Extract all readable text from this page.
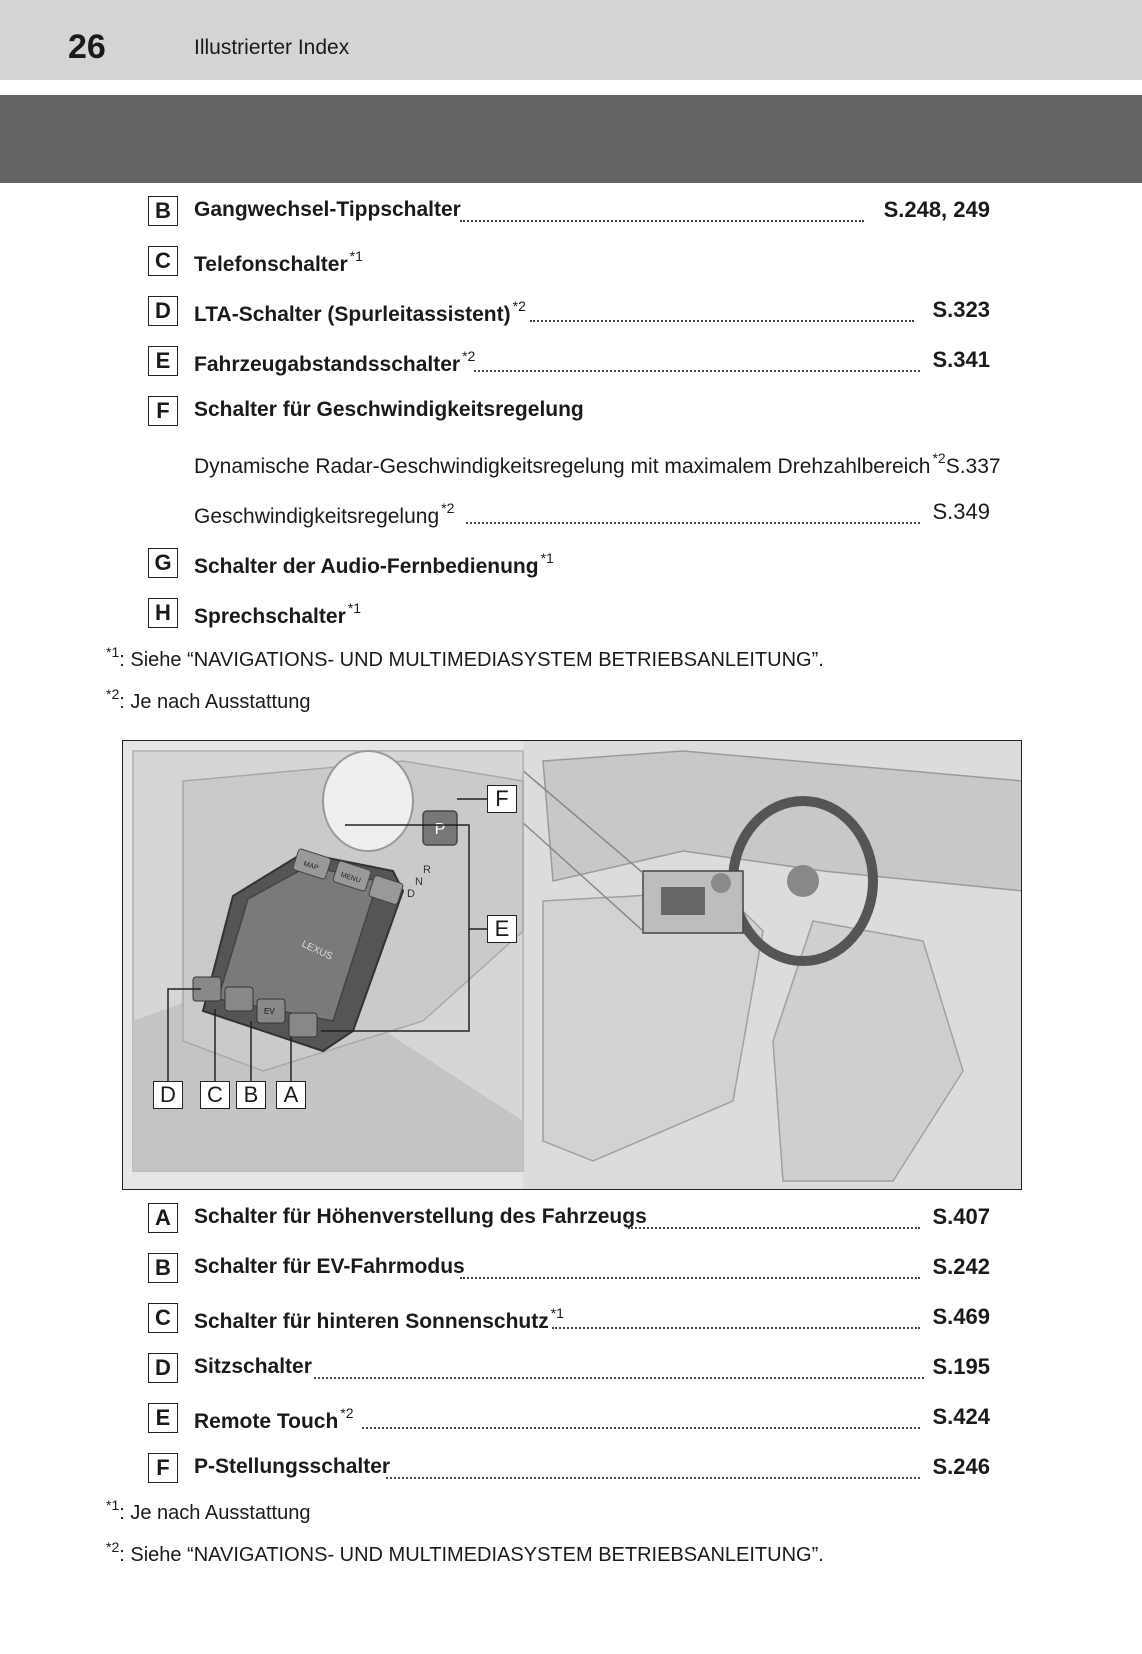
26	Illustrierter Index
B	Gangwechsel-Tippschalter	S.248, 249
C	Telefonschalter $^{*1}$
D	LTA-Schalter (Spurleitassistent) $^{*2}$	S.323
E	Fahrzeugabstandsschalter $^{*2}$	S.341
F	Schalter für Geschwindigkeitsregelung
Dynamische Radar-Geschwindigkeitsregelung mit maximalem Drehzahlbereich $^{*2}$S.337
Geschwindigkeitsregelung $^{*2}$	S.349
G	Schalter der Audio-Fernbedienung $^{*1}$
H	Sprechschalter $^{*1}$
$^{*1}$: Siehe “NAVIGATIONS- UND MULTIMEDIASYSTEM BETRIEBSANLEITUNG”.
$^{*2}$: Je nach Ausstattung
P
R
N
D
LEXUS
MAP
MENU
EV
F
E
D	C B	A
A	Schalter für Höhenverstellung des Fahrzeugs	S.407
B	Schalter für EV-Fahrmodus	S.242
C	Schalter für hinteren Sonnenschutz $^{*1}$	S.469
D	Sitzschalter	S.195
E	Remote Touch $^{*2}$	S.424
F	P-Stellungsschalter	S.246
$^{*1}$: Je nach Ausstattung
$^{*2}$: Siehe “NAVIGATIONS- UND MULTIMEDIASYSTEM BETRIEBSANLEITUNG”.
